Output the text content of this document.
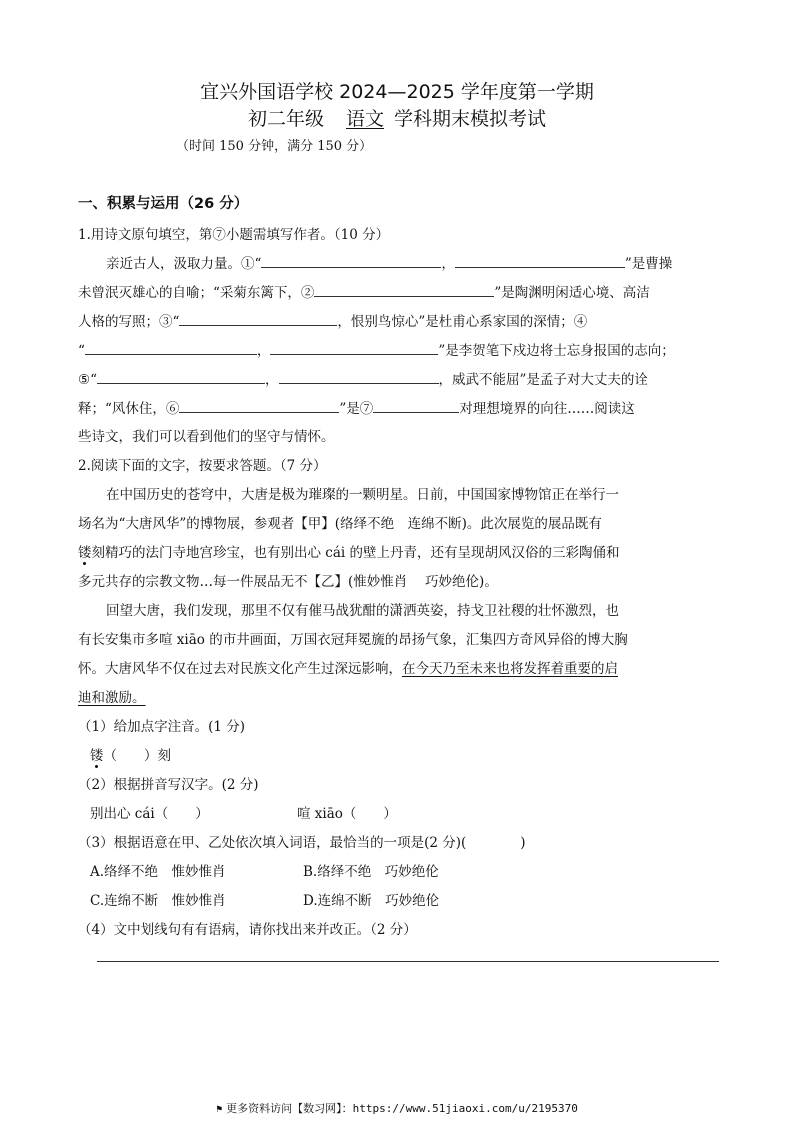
宜兴外国语学校 2024—2025 学年度第一学期
初二年级 语文 学科期末模拟考试
（时间 150 分钟，满分 150 分）
一、积累与运用（26 分）
1.用诗文原句填空，第⑦小题需填写作者。（10 分）
亲近古人，汲取力量。①“	，	”是曹操
未曾泯灭雄心的自喻；“采菊东篱下，②	”是陶渊明闲适心境、高洁
人格的写照；③“	，恨别鸟惊心”是杜甫心系家国的深情；④
“	，	”是李贺笔下戍边将士忘身报国的志向；
⑤“	，	，威武不能屈”是孟子对大丈夫的诠
释；“风休住，⑥	”是⑦	对理想境界的向往……阅读这
些诗文，我们可以看到他们的坚守与情怀。
2.阅读下面的文字，按要求答题。（7 分）
在中国历史的苍穹中，大唐是极为璀璨的一颗明星。日前，中国国家博物馆正在举行一
场名为“大唐风华”的博物展，参观者【甲】(络绎不绝　连绵不断)。此次展览的展品既有
镂刻精巧的法门寺地宫珍宝，也有别出心 cái 的壁上丹青，还有呈现胡风汉俗的三彩陶俑和
多元共存的宗教文物…每一件展品无不【乙】(惟妙惟肖　 巧妙绝伦)。
回望大唐，我们发现，那里不仅有催马战犹酣的潇洒英姿，持戈卫社稷的壮怀激烈，也
有长安集市多喧 xiāo 的市井画面，万国衣冠拜冕旒的昂扬气象，汇集四方奇风异俗的博大胸
怀。大唐风华不仅在过去对民族文化产生过深远影响，在今天乃至未来也将发挥着重要的启
迪和激励。
（1）给加点字注音。(1 分)
镂（　　）刻
（2）根据拼音写汉字。(2 分)
别出心 cái（　　）	喧 xiāo（　　）
（3）根据语意在甲、乙处依次填入词语，最恰当的一项是(2 分)(　　　　)
A.络绎不绝　惟妙惟肖	B.络绎不绝　巧妙绝伦
C.连绵不断　惟妙惟肖	D.连绵不断　巧妙绝伦
（4）文中划线句有有语病，请你找出来并改正。（2 分）
⚑ 更多资料访问【数习网】：https://www.51jiaoxi.com/u/2195370
